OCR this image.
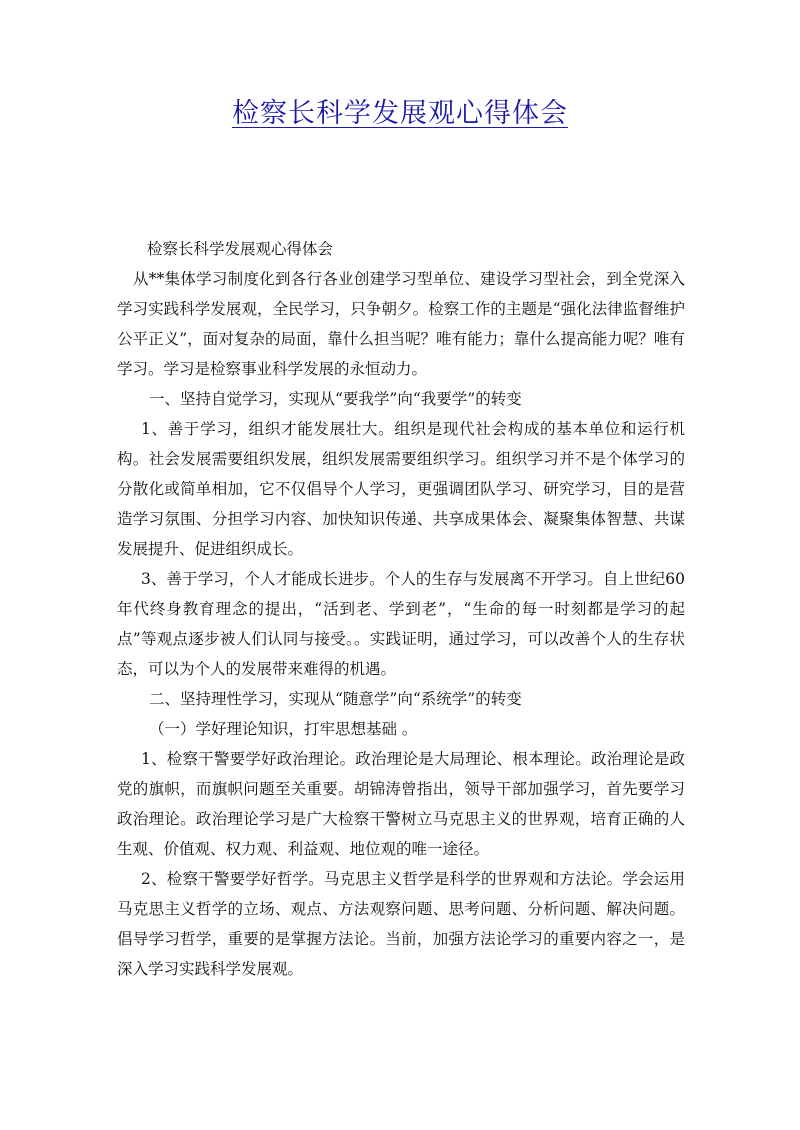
检察长科学发展观心得体会

检察长科学发展观心得体会

从**集体学习制度化到各行各业创建学习型单位、建设学习型社会，到全党深入学习实践科学发展观，全民学习，只争朝夕。检察工作的主题是“强化法律监督维护公平正义”，面对复杂的局面，靠什么担当呢？唯有能力；靠什么提高能力呢？唯有学习。学习是检察事业科学发展的永恒动力。

一、坚持自觉学习，实现从“要我学”向“我要学”的转变

1、善于学习，组织才能发展壮大。组织是现代社会构成的基本单位和运行机构。社会发展需要组织发展，组织发展需要组织学习。组织学习并不是个体学习的分散化或简单相加，它不仅倡导个人学习，更强调团队学习、研究学习，目的是营造学习氛围、分担学习内容、加快知识传递、共享成果体会、凝聚集体智慧、共谋发展提升、促进组织成长。

3、善于学习，个人才能成长进步。个人的生存与发展离不开学习。自上世纪60年代终身教育理念的提出，“活到老、学到老”，“生命的每一时刻都是学习的起点”等观点逐步被人们认同与接受。。实践证明，通过学习，可以改善个人的生存状态，可以为个人的发展带来难得的机遇。

二、坚持理性学习，实现从“随意学”向“系统学”的转变

（一）学好理论知识，打牢思想基础 。

1、检察干警要学好政治理论。政治理论是大局理论、根本理论。政治理论是政党的旗帜，而旗帜问题至关重要。胡锦涛曾指出，领导干部加强学习，首先要学习政治理论。政治理论学习是广大检察干警树立马克思主义的世界观，培育正确的人生观、价值观、权力观、利益观、地位观的唯一途径。

2、检察干警要学好哲学。马克思主义哲学是科学的世界观和方法论。学会运用马克思主义哲学的立场、观点、方法观察问题、思考问题、分析问题、解决问题。倡导学习哲学，重要的是掌握方法论。当前，加强方法论学习的重要内容之一，是深入学习实践科学发展观。
